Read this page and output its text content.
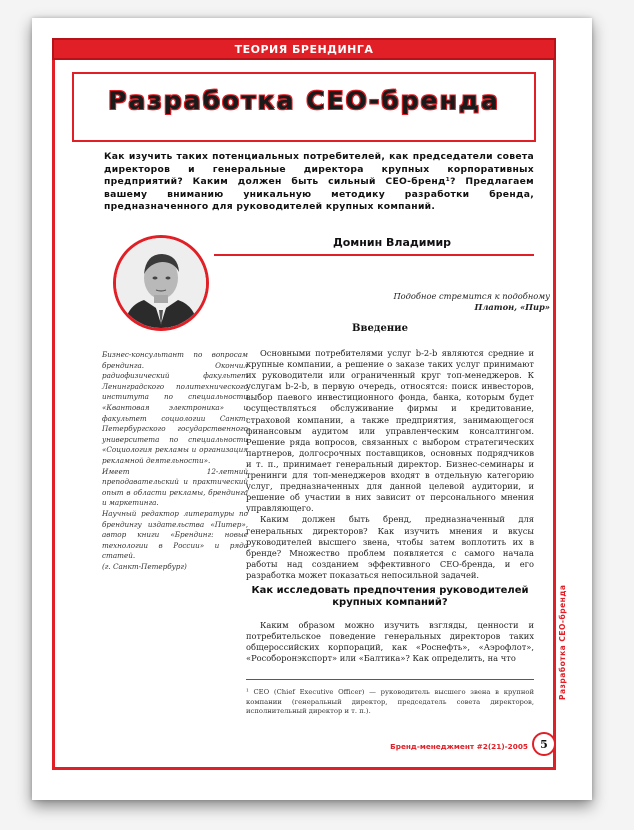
ТЕОРИЯ БРЕНДИНГА
Разработка СЕО-бренда
Как изучить таких потенциальных потребителей, как председатели совета директоров и генеральные директора крупных корпоративных предприятий? Каким должен быть сильный СЕО-бренд¹? Предлагаем вашему вниманию уникальную методику разработки бренда, предназначенного для руководителей крупных компаний.
Домнин Владимир
Подобное стремится к подобному
Платон, «Пир»
Введение

Бизнес-консультант по вопросам брендинга. Окончил радиофизический факультет Ленинградского политехнического института по специальности «Квантовая электроника» и факультет социологии Санкт-Петербургского государственного университета по специальности «Социология рекламы и организация рекламной деятельности».

Имеет 12-летний преподавательский и практический опыт в области рекламы, брендинга и маркетинга.

Научный редактор литературы по брендингу издательства «Питер», автор книги «Брендинг: новые технологии в России» и ряда статей.

(г. Санкт-Петербург)

Основными потребителями услуг b-2-b являются средние и крупные компании, а решение о заказе таких услуг принимают их руководители или ограниченный круг топ-менеджеров. К услугам b-2-b, в первую очередь, относятся: поиск инвесторов, выбор паевого инвестиционного фонда, банка, которым будет осуществляться обслуживание фирмы и кредитование, страховой компании, а также предприятия, занимающегося финансовым аудитом или управленческим консалтингом. Решение ряда вопросов, связанных с выбором стратегических партнеров, долгосрочных поставщиков, основных подрядчиков и т. п., принимает генеральный директор. Бизнес-семинары и тренинги для топ-менеджеров входят в отдельную категорию услуг, предназначенных для данной целевой аудитории, и решение об участии в них зависит от персонального мнения управляющего.

Каким должен быть бренд, предназначенный для генеральных директоров? Как изучить мнения и вкусы руководителей высшего звена, чтобы затем воплотить их в бренде? Множество проблем появляется с самого начала работы над созданием эффективного СЕО-бренда, и его разработка может показаться непосильной задачей.

Как исследовать предпочтения руководителей крупных компаний?

Каким образом можно изучить взгляды, ценности и потребительское поведение генеральных директоров таких общероссийских корпораций, как «Роснефть», «Аэрофлот», «Рособоронэкспорт» или «Балтика»? Как определить, на что

¹ CEO (Chief Executive Officer) — руководитель высшего звена в крупной компании (генеральный директор, председатель совета директоров, исполнительный директор и т. п.).
Разработка СЕО-бренда
Бренд-менеджмент #2(21)-2005 5
